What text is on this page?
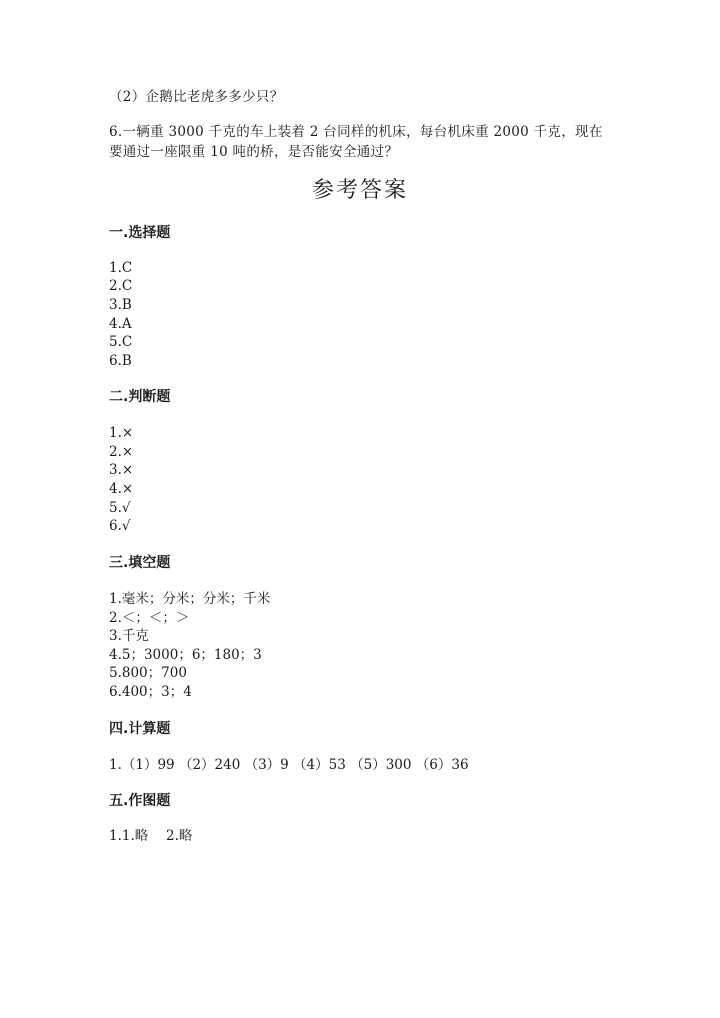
（2）企鹅比老虎多多少只？
6.一辆重 3000 千克的车上装着 2 台同样的机床，每台机床重 2000 千克，现在
要通过一座限重 10 吨的桥，是否能安全通过？
参考答案
一.选择题
1.C
2.C
3.B
4.A
5.C
6.B
二.判断题
1.×
2.×
3.×
4.×
5.√
6.√
三.填空题
1.毫米；分米；分米；千米
2.＜；＜；＞
3.千克
4.5；3000；6；180；3
5.800；700
6.400；3；4
四.计算题
1.（1）99 （2）240 （3）9 （4）53 （5）300 （6）36
五.作图题
1.1.略　 2.略
